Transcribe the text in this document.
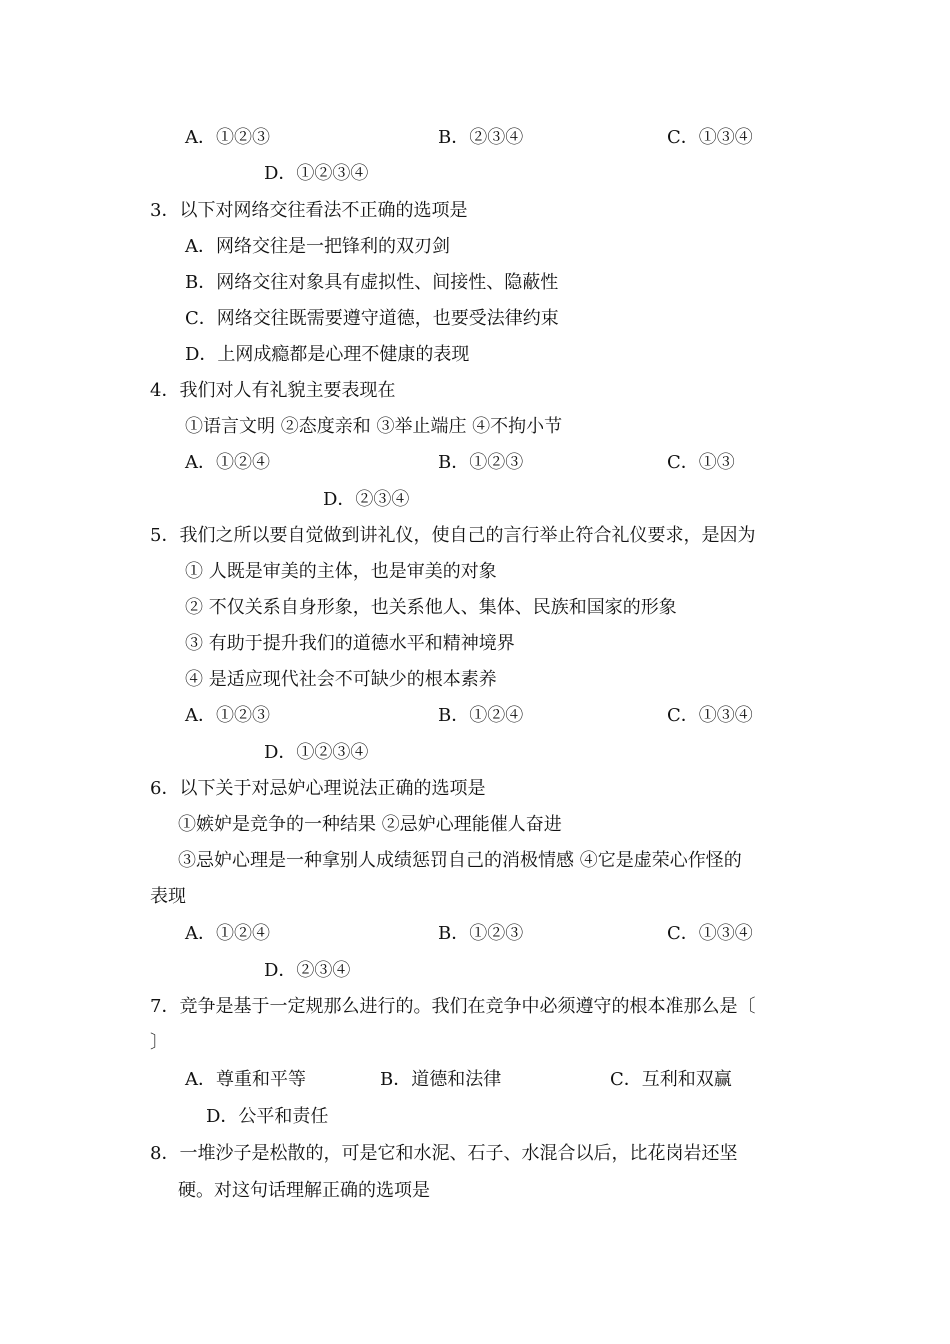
A．①②③	B．②③④	C．①③④
D．①②③④
3．以下对网络交往看法不正确的选项是
A．网络交往是一把锋利的双刃剑
B．网络交往对象具有虚拟性、间接性、隐蔽性
C．网络交往既需要遵守道德，也要受法律约束
D．上网成瘾都是心理不健康的表现
4．我们对人有礼貌主要表现在
①语言文明 ②态度亲和 ③举止端庄 ④不拘小节
A．①②④	B．①②③	C．①③
D．②③④
5．我们之所以要自觉做到讲礼仪，使自己的言行举止符合礼仪要求，是因为
① 人既是审美的主体，也是审美的对象
② 不仅关系自身形象，也关系他人、集体、民族和国家的形象
③ 有助于提升我们的道德水平和精神境界
④ 是适应现代社会不可缺少的根本素养
A．①②③	B．①②④	C．①③④
D．①②③④
6．以下关于对忌妒心理说法正确的选项是
①嫉妒是竞争的一种结果 ②忌妒心理能催人奋进
③忌妒心理是一种拿别人成绩惩罚自己的消极情感 ④它是虚荣心作怪的
表现
A．①②④	B．①②③	C．①③④
D．②③④
7．竞争是基于一定规那么进行的。我们在竞争中必须遵守的根本准那么是〔
〕
A．尊重和平等	B．道德和法律	C．互利和双赢
D．公平和责任
8．一堆沙子是松散的，可是它和水泥、石子、水混合以后，比花岗岩还坚
硬。对这句话理解正确的选项是
